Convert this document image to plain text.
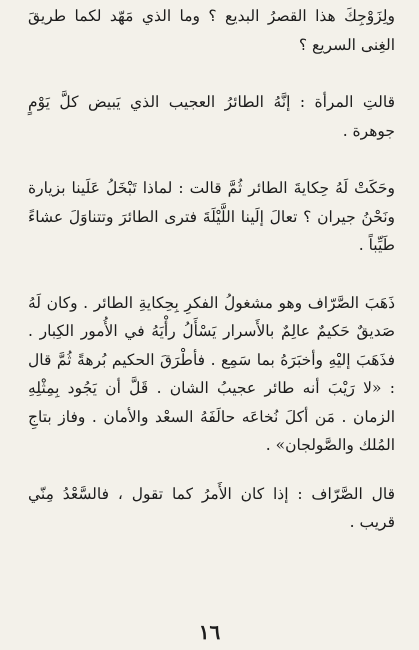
ولِزَوْجِكَ هذا القصرُ البديع ؟ وما الذي مَهّد لكما طريقَ الغِنى السريع ؟

قالتِ المرأة : إنَّهُ الطائرُ العجيب الذي يَبيض كلَّ يَوْمٍ جوهرة .

وحَكَتْ لَهُ حِكايةَ الطائر ثُمَّ قالت : لماذا تَبْخَلُ عَلَينا بزيارة ونَحْنُ جيران ؟ تعالَ إلَينا اللَّيْلَةَ فترى الطائرَ وتتناوَلَ عشاءً طَيِّباً .

ذَهَبَ الصَّرّاف وهو مشغولُ الفكرِ بِحِكايةِ الطائر . وكان لَهُ صَديقٌ حَكيمٌ عالِمٌ بالأَسرار يَسْأَلُ رأْيَهُ في الأُمور الكِبار . فذَهَبَ إليْهِ وأخبَرَهُ بما سَمِع . فأطْرَقَ الحكيم بُرهةً ثُمَّ قال : «لا رَيْبَ أنه طائر عجيبُ الشان . قَلَّ أن يَجُود بِمِثْلِهِ الزمان . مَن أكلَ نُخاعَه حالَفَهُ السعْد والأمان . وفاز بتاجِ المُلك والصَّولجان» .

قال الصَّرّاف : إذا كان الأَمرُ كما تقول ، فالسَّعْدُ مِنّي قريب .

١٦
